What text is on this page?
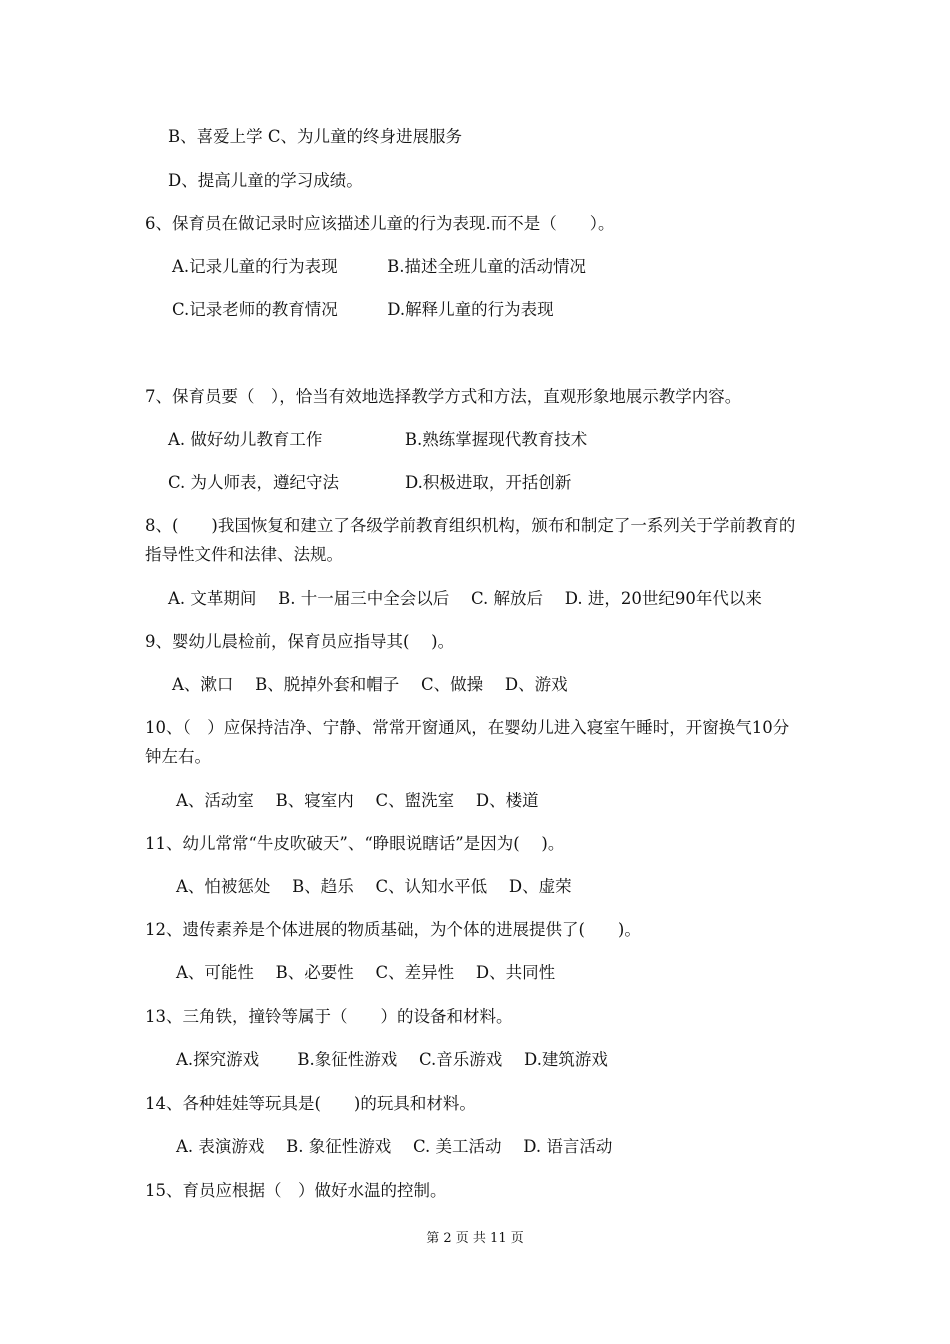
B、喜爱上学 C、为儿童的终身进展服务
D、提高儿童的学习成绩。
6、保育员在做记录时应该描述儿童的行为表现.而不是（　　）。
A.记录儿童的行为表现　　　B.描述全班儿童的活动情况
C.记录老师的教育情况　　　D.解释儿童的行为表现
7、保育员要（　），恰当有效地选择教学方式和方法，直观形象地展示教学内容。
A. 做好幼儿教育工作　　　　　B.熟练掌握现代教育技术
C. 为人师表，遵纪守法　　　　D.积极进取，开括创新
8、(　　)我国恢复和建立了各级学前教育组织机构，颁布和制定了一系列关于学前教育的
指导性文件和法律、法规。
A. 文革期间　 B. 十一届三中全会以后　 C. 解放后　 D. 进，20世纪90年代以来
9、婴幼儿晨检前，保育员应指导其(　 )。
A、漱口　 B、脱掉外套和帽子　 C、做操　 D、游戏
10、（　）应保持洁净、宁静、常常开窗通风，在婴幼儿进入寝室午睡时，开窗换气10分
钟左右。
A、活动室　 B、寝室内　 C、盥洗室　 D、楼道
11、幼儿常常“牛皮吹破天”、“睁眼说瞎话”是因为(　 )。
A、怕被惩处　 B、趋乐　 C、认知水平低　 D、虚荣
12、遗传素养是个体进展的物质基础，为个体的进展提供了(　　)。
A、可能性　 B、必要性　 C、差异性　 D、共同性
13、三角铁，撞铃等属于（　　）的设备和材料。
A.探究游戏　　 B.象征性游戏　 C.音乐游戏　 D.建筑游戏
14、各种娃娃等玩具是(　　)的玩具和材料。
A. 表演游戏　 B. 象征性游戏　 C. 美工活动　 D. 语言活动
15、育员应根据（　）做好水温的控制。
第 2 页 共 11 页
